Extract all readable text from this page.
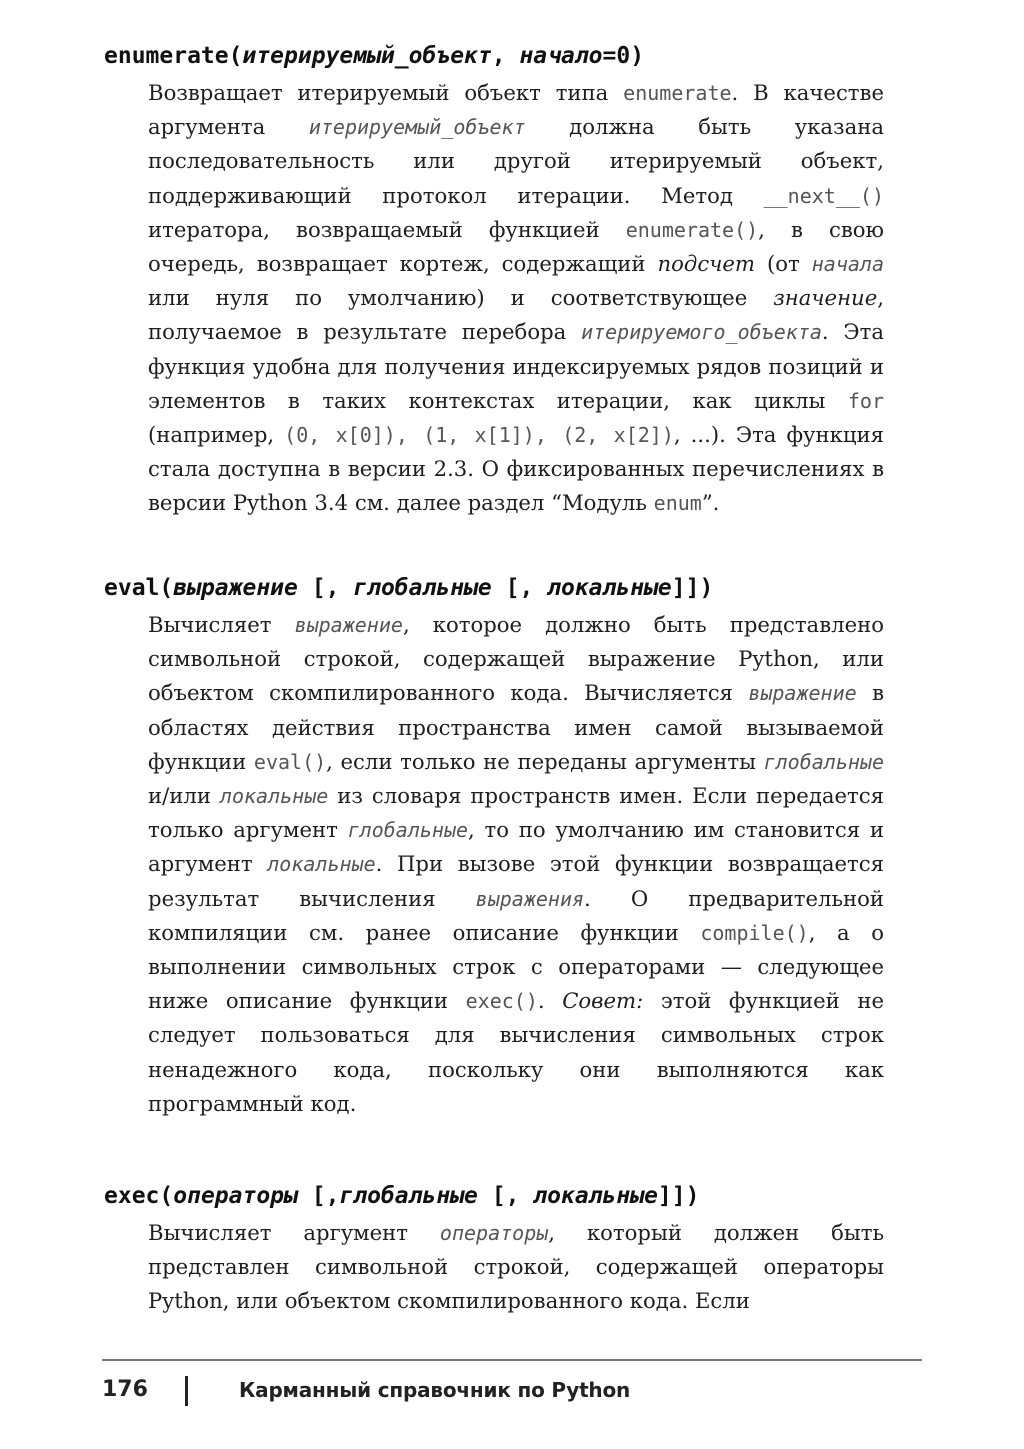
enumerate(итерируемый_объект, начало=0)
Возвращает итерируемый объект типа enumerate. В качестве аргумента итерируемый_объект должна быть указана последовательность или другой итерируемый объект, поддерживающий протокол итерации. Метод __next__() итератора, возвращаемый функцией enumerate(), в свою очередь, возвращает кортеж, содержащий подсчет (от начала или нуля по умолчанию) и соответствующее значение, получаемое в результате перебора итерируемого_объекта. Эта функция удобна для получения индексируемых рядов позиций и элементов в таких контекстах итерации, как циклы for (например, (0, x[0]), (1, x[1]), (2, x[2]), ...). Эта функция стала доступна в версии 2.3. О фиксированных перечислениях в версии Python 3.4 см. далее раздел “Модуль enum”.
eval(выражение [, глобальные [, локальные]])
Вычисляет выражение, которое должно быть представлено символьной строкой, содержащей выражение Python, или объектом скомпилированного кода. Вычисляется выражение в областях действия пространства имен самой вызываемой функции eval(), если только не переданы аргументы глобальные и/или локальные из словаря пространств имен. Если передается только аргумент глобальные, то по умолчанию им становится и аргумент локальные. При вызове этой функции возвращается результат вычисления выражения. О предварительной компиляции см. ранее описание функции compile(), а о выполнении символьных строк с операторами — следующее ниже описание функции exec(). Совет: этой функцией не следует пользоваться для вычисления символьных строк ненадежного кода, поскольку они выполняются как программный код.
exec(операторы [,глобальные [, локальные]])
Вычисляет аргумент операторы, который должен быть представлен символьной строкой, содержащей операторы Python, или объектом скомпилированного кода. Если
176	Карманный справочник по Python
